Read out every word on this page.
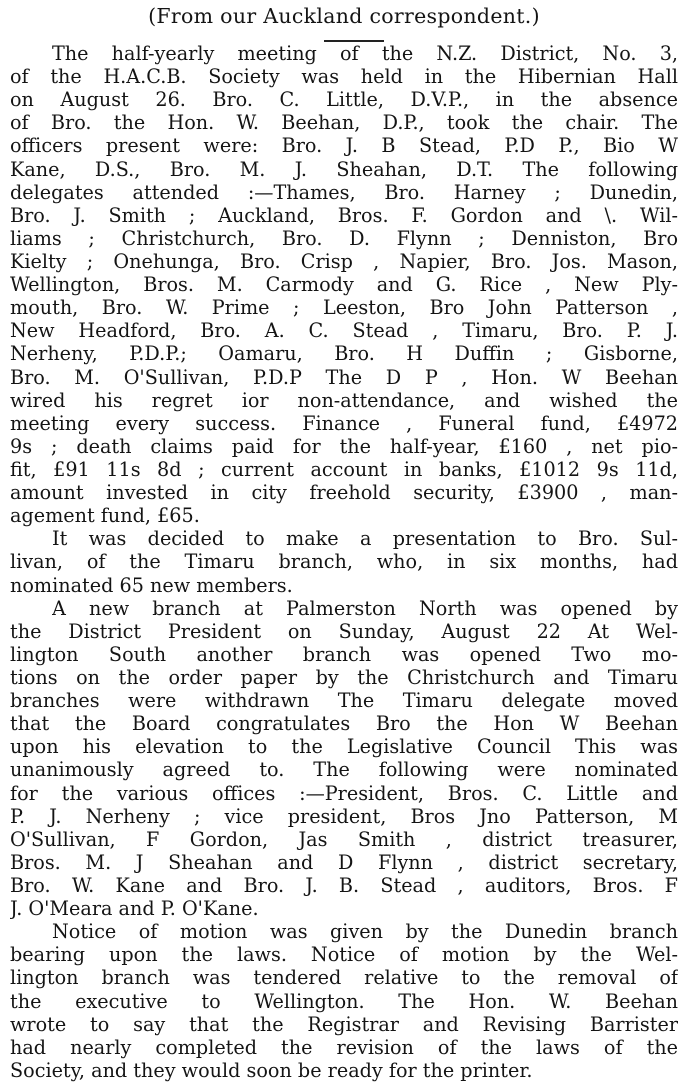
(From our Auckland correspondent.)
The half-yearly meeting of the N.Z. District, No. 3,
of the H.A.C.B. Society was held in the Hibernian Hall
on August 26. Bro. C. Little, D.V.P., in the absence
of Bro. the Hon. W. Beehan, D.P., took the chair. The
officers present were: Bro. J. B Stead, P.D P., Bio W
Kane, D.S., Bro. M. J. Sheahan, D.T. The following
delegates attended :—Thames, Bro. Harney ; Dunedin,
Bro. J. Smith ; Auckland, Bros. F. Gordon and \. Wil-
liams ; Christchurch, Bro. D. Flynn ; Denniston, Bro
Kielty ; Onehunga, Bro. Crisp , Napier, Bro. Jos. Mason,
Wellington, Bros. M. Carmody and G. Rice , New Ply-
mouth, Bro. W. Prime ; Leeston, Bro John Patterson ,
New Headford, Bro. A. C. Stead , Timaru, Bro. P. J.
Nerheny, P.D.P.; Oamaru, Bro. H Duffin ; Gisborne,
Bro. M. O'Sullivan, P.D.P The D P , Hon. W Beehan
wired his regret ior non-attendance, and wished the
meeting every success. Finance , Funeral fund, £4972
9s ; death claims paid for the half-year, £160 , net pio-
fit, £91 11s 8d ; current account in banks, £1012 9s 11d,
amount invested in city freehold security, £3900 , man-
agement fund, £65.
It was decided to make a presentation to Bro. Sul-
livan, of the Timaru branch, who, in six months, had
nominated 65 new members.
A new branch at Palmerston North was opened by
the District President on Sunday, August 22 At Wel-
lington South another branch was opened Two mo-
tions on the order paper by the Christchurch and Timaru
branches were withdrawn The Timaru delegate moved
that the Board congratulates Bro the Hon W Beehan
upon his elevation to the Legislative Council This was
unanimously agreed to. The following were nominated
for the various offices :—President, Bros. C. Little and
P. J. Nerheny ; vice president, Bros Jno Patterson, M
O'Sullivan, F Gordon, Jas Smith , district treasurer,
Bros. M. J Sheahan and D Flynn , district secretary,
Bro. W. Kane and Bro. J. B. Stead , auditors, Bros. F
J. O'Meara and P. O'Kane.
Notice of motion was given by the Dunedin branch
bearing upon the laws. Notice of motion by the Wel-
lington branch was tendered relative to the removal of
the executive to Wellington. The Hon. W. Beehan
wrote to say that the Registrar and Revising Barrister
had nearly completed the revision of the laws of the
Society, and they would soon be ready for the printer.
